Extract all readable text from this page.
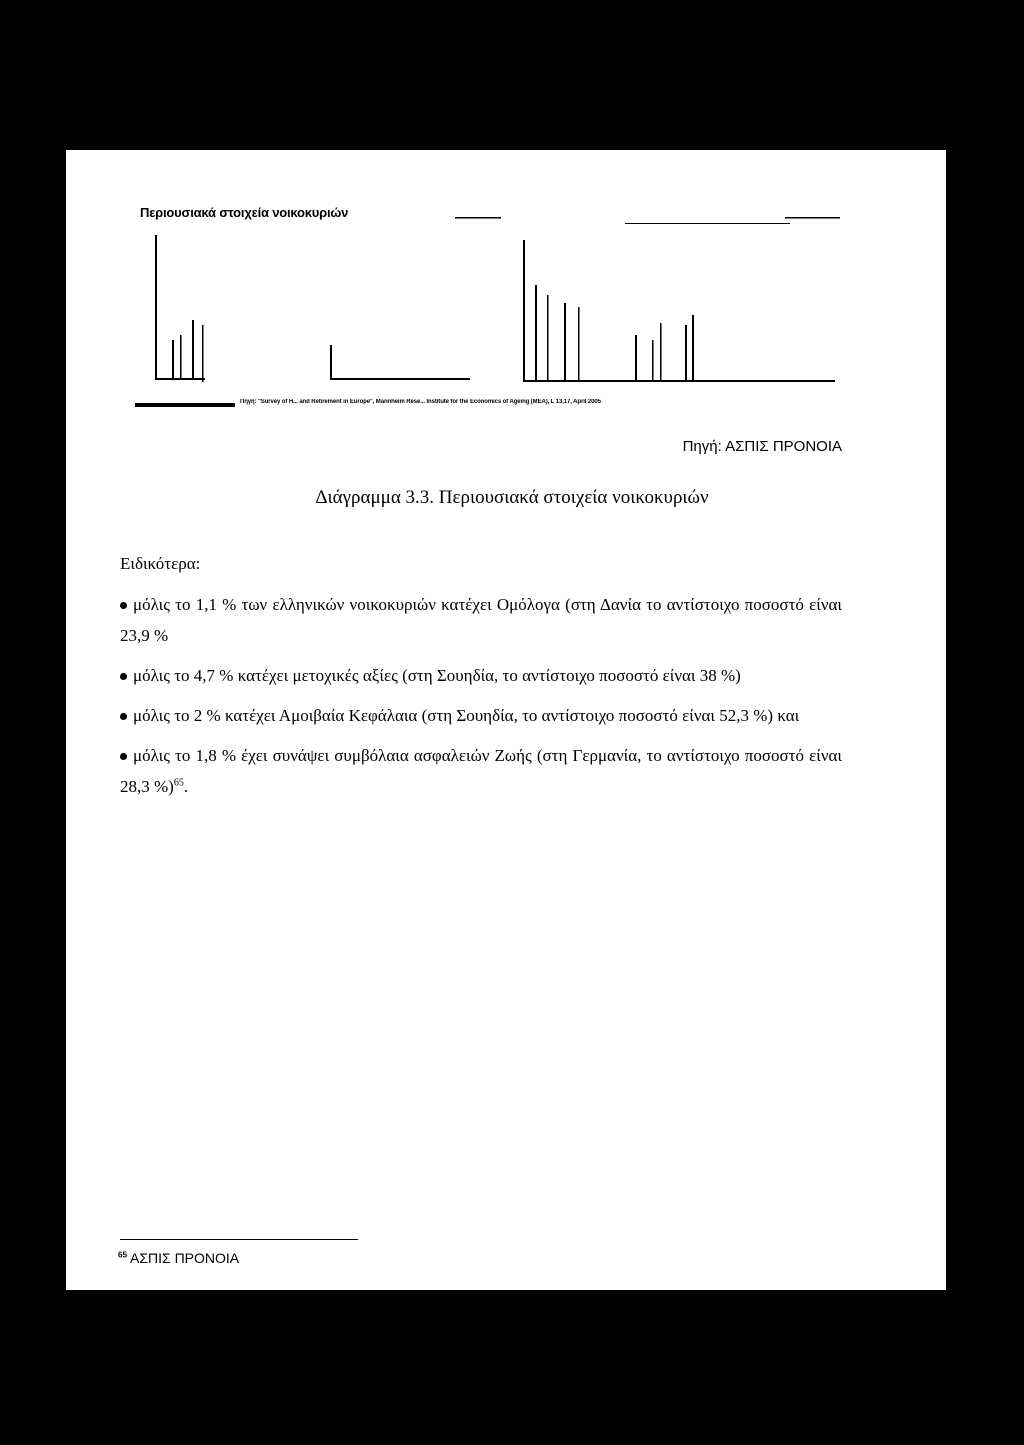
Περιουσιακά στοιχεία νοικοκυριών
Πηγή: "Survey of H... and Retirement in Europe", Mannheim Rese... Institute for the Economics of Ageing (MEA), L 13,17, April 2005
Πηγή: ΑΣΠΙΣ ΠΡΟΝΟΙΑ
Διάγραμμα 3.3. Περιουσιακά στοιχεία νοικοκυριών

Ειδικότερα:

μόλις το 1,1 % των ελληνικών νοικοκυριών κατέχει Ομόλογα (στη Δανία το αντίστοιχο ποσοστό είναι 23,9 %
μόλις το 4,7 % κατέχει μετοχικές αξίες (στη Σουηδία, το αντίστοιχο ποσοστό είναι 38 %)
μόλις το 2 % κατέχει Αμοιβαία Κεφάλαια (στη Σουηδία, το αντίστοιχο ποσοστό είναι 52,3 %) και
μόλις το 1,8 % έχει συνάψει συμβόλαια ασφαλειών Ζωής (στη Γερμανία, το αντίστοιχο ποσοστό είναι 28,3 %)$^{65}$.
$^{65}$ ΑΣΠΙΣ ΠΡΟΝΟΙΑ
57
